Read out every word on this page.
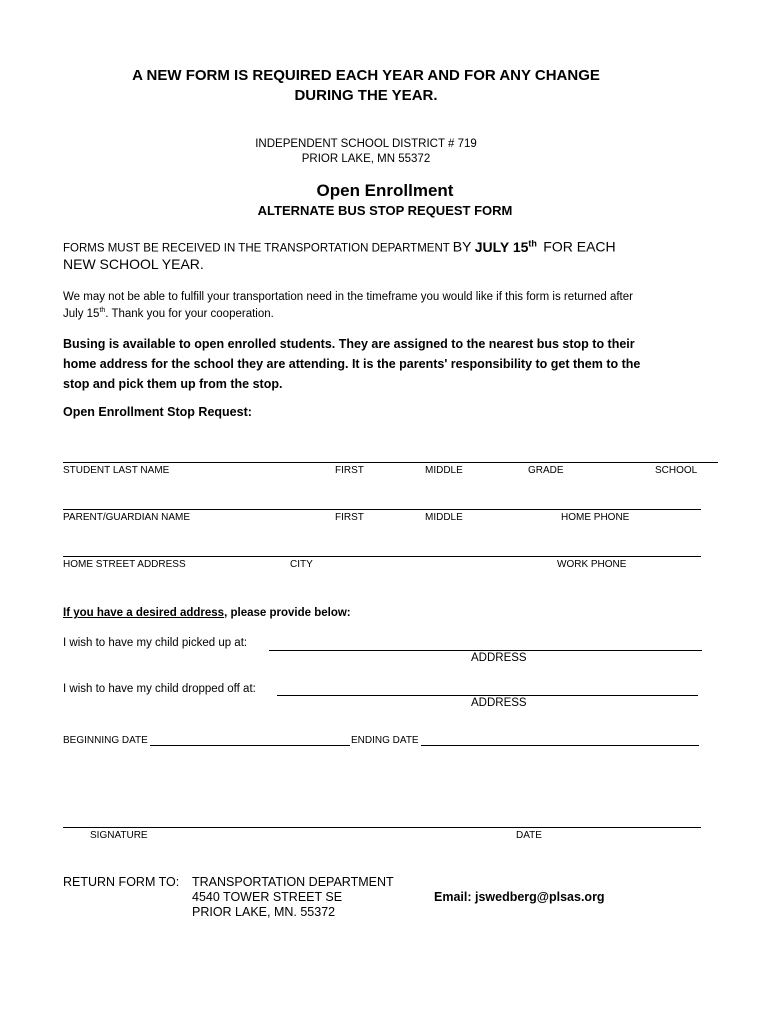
A NEW FORM IS REQUIRED EACH YEAR AND FOR ANY CHANGE
DURING THE YEAR.
INDEPENDENT SCHOOL DISTRICT # 719
PRIOR LAKE, MN 55372
Open Enrollment
ALTERNATE BUS STOP REQUEST FORM
FORMS MUST BE RECEIVED IN THE TRANSPORTATION DEPARTMENT BY JULY 15th FOR EACH
NEW SCHOOL YEAR.
We may not be able to fulfill your transportation need in the timeframe you would like if this form is returned after
July 15th. Thank you for your cooperation.
Busing is available to open enrolled students. They are assigned to the nearest bus stop to their
home address for the school they are attending. It is the parents' responsibility to get them to the
stop and pick them up from the stop.
Open Enrollment Stop Request:
STUDENT LAST NAME	FIRST	MIDDLE	GRADE	SCHOOL
PARENT/GUARDIAN NAME	FIRST	MIDDLE	HOME PHONE
HOME STREET ADDRESS	CITY	WORK PHONE
If you have a desired address, please provide below:
I wish to have my child picked up at:
ADDRESS
I wish to have my child dropped off at:
ADDRESS
BEGINNING DATE	ENDING DATE
SIGNATURE	DATE
RETURN FORM TO: TRANSPORTATION DEPARTMENT
4540 TOWER STREET SE
PRIOR LAKE, MN. 55372
Email: jswedberg@plsas.org
